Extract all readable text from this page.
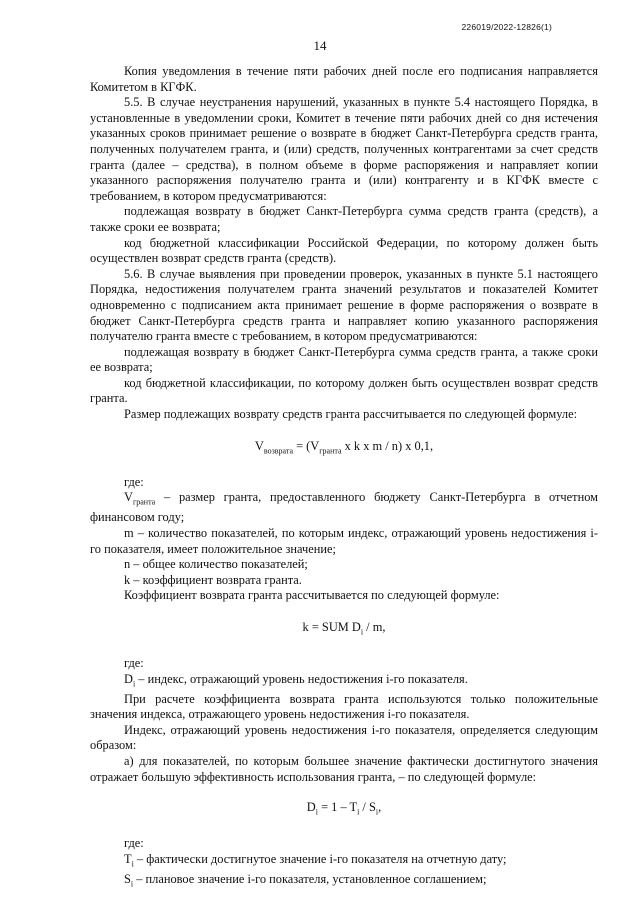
226019/2022-12826(1)
14

Копия уведомления в течение пяти рабочих дней после его подписания направляется Комитетом в КГФК.

5.5. В случае неустранения нарушений, указанных в пункте 5.4 настоящего Порядка, в установленные в уведомлении сроки, Комитет в течение пяти рабочих дней со дня истечения указанных сроков принимает решение о возврате в бюджет Санкт-Петербурга средств гранта, полученных получателем гранта, и (или) средств, полученных контрагентами за счет средств гранта (далее – средства), в полном объеме в форме распоряжения и направляет копии указанного распоряжения получателю гранта и (или) контрагенту и в КГФК вместе с требованием, в котором предусматриваются:

подлежащая возврату в бюджет Санкт-Петербурга сумма средств гранта (средств), а также сроки ее возврата;

код бюджетной классификации Российской Федерации, по которому должен быть осуществлен возврат средств гранта (средств).

5.6. В случае выявления при проведении проверок, указанных в пункте 5.1 настоящего Порядка, недостижения получателем гранта значений результатов и показателей Комитет одновременно с подписанием акта принимает решение в форме распоряжения о возврате в бюджет Санкт-Петербурга средств гранта и направляет копию указанного распоряжения получателю гранта вместе с требованием, в котором предусматриваются:

подлежащая возврату в бюджет Санкт-Петербурга сумма средств гранта, а также сроки ее возврата;

код бюджетной классификации, по которому должен быть осуществлен возврат средств гранта.

Размер подлежащих возврату средств гранта рассчитывается по следующей формуле:

$V_{возврата} = (V_{гранта}$ x k x m / n) x 0,1,

где:

$V_{гранта}$ – размер гранта, предоставленного бюджету Санкт-Петербурга в отчетном финансовом году;

m – количество показателей, по которым индекс, отражающий уровень недостижения i-го показателя, имеет положительное значение;

n – общее количество показателей;

k – коэффициент возврата гранта.

Коэффициент возврата гранта рассчитывается по следующей формуле:

k = SUM $D_i$ / m,

где:

$D_i$ – индекс, отражающий уровень недостижения i-го показателя.

При расчете коэффициента возврата гранта используются только положительные значения индекса, отражающего уровень недостижения i-го показателя.

Индекс, отражающий уровень недостижения i-го показателя, определяется следующим образом:

а) для показателей, по которым большее значение фактически достигнутого значения отражает большую эффективность использования гранта, – по следующей формуле:

$D_i = 1 - T_i / S_i$,

где:

$T_i$ – фактически достигнутое значение i-го показателя на отчетную дату;

$S_i$ – плановое значение i-го показателя, установленное соглашением;
